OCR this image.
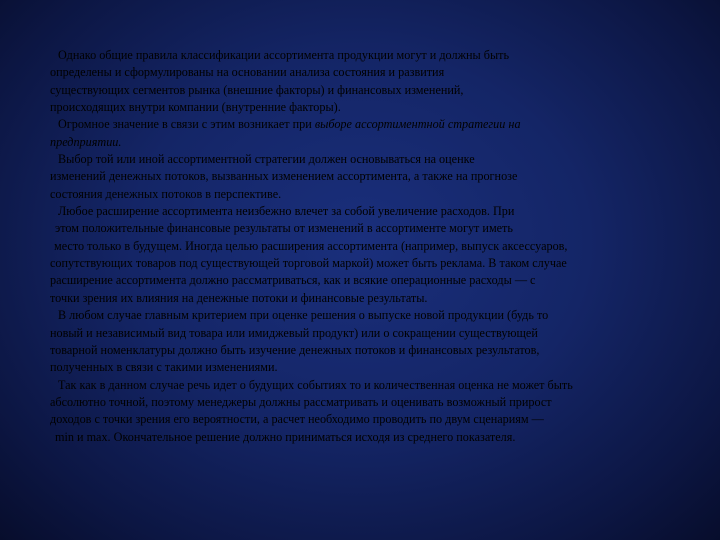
Однако общие правила классификации ассортимента продукции могут и должны быть
определены и сформулированы на основании анализа состояния и развития
существующих сегментов рынка (внешние факторы) и финансовых изменений,
происходящих внутри компании (внутренние факторы).
Огромное значение в связи с этим возникает при выборе ассортиментной стратегии на
предприятии.
Выбор той или иной ассортиментной стратегии должен основываться на оценке
изменений денежных потоков, вызванных изменением ассортимента, а также на прогнозе
состояния денежных потоков в перспективе.
Любое расширение ассортимента неизбежно влечет за собой увеличение расходов. При
этом положительные финансовые результаты от изменений в ассортименте могут иметь
место только в будущем. Иногда целью расширения ассортимента (например, выпуск аксессуаров,
сопутствующих товаров под существующей торговой маркой) может быть реклама. В таком случае
расширение ассортимента должно рассматриваться, как и всякие операционные расходы — с
точки зрения их влияния на денежные потоки и финансовые результаты.
В любом случае главным критерием при оценке решения о выпуске новой продукции (будь то
новый и независимый вид товара или имиджевый продукт) или о сокращении существующей
товарной номенклатуры должно быть изучение денежных потоков и финансовых результатов,
полученных в связи с такими изменениями.
Так как в данном случае речь идет о будущих событиях то и количественная оценка не может быть
абсолютно точной, поэтому менеджеры должны рассматривать и оценивать возможный прирост
доходов с точки зрения его вероятности, а расчет необходимо проводить по двум сценариям —
min и max. Окончательное решение должно приниматься исходя из среднего показателя.
